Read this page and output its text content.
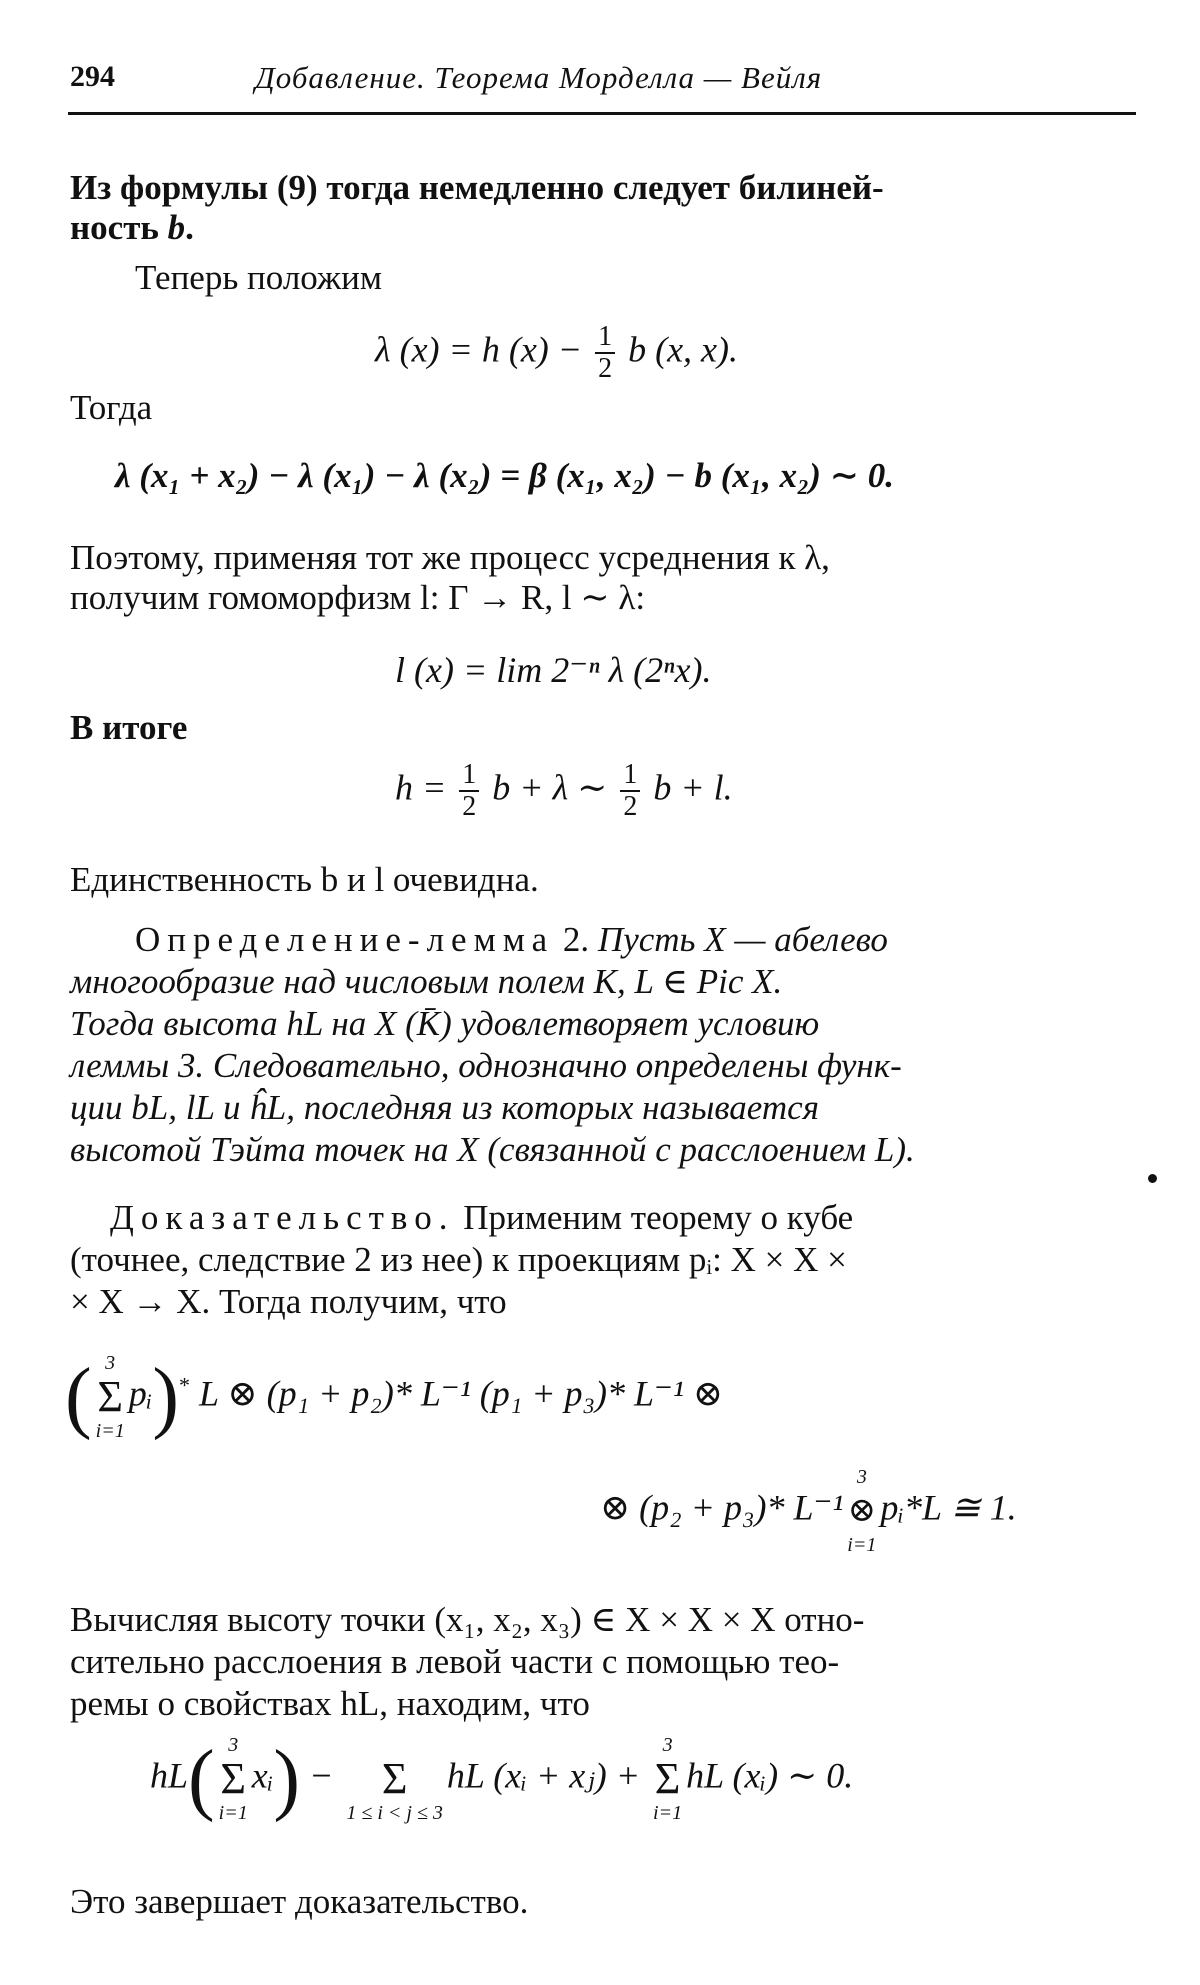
294	Добавление. Теорема Морделла — Вейля
Из формулы (9) тогда немедленно следует билиней-
ность b.
Теперь положим
λ (x) = h $(x) - \frac{1}{2}$ b (x, x).
Тогда
λ (x₁ + x₂) − λ (x₁) − λ (x₂) = β (x₁, x₂) − b (x₁, x₂) ∼ 0.
Поэтому, применяя тот же процесс усреднения к λ,
получим гомоморфизм l: Γ → R, l ∼ λ:
l (x) = lim 2⁻ⁿ λ (2ⁿx).
В итоге
$h = \frac{1}{2}$ b + λ ∼ $\frac{1}{2}$ b + l.
Единственность b и l очевидна.
Определение-лемма 2. Пусть X — абелево
многообразие над числовым полем K, L ∈ Pic X.
Тогда высота hL на X (K̄) удовлетворяет условию
леммы 3. Следовательно, однозначно определены функ-
ции bL, lL и ĥL, последняя из которых называется
высотой Тэйта точек на X (связанной с расслоением L).
Доказательство. Применим теорему о кубе
(точнее, следствие 2 из нее) к проекциям pᵢ: X × X ×
× X → X. Тогда получим, что
( 3
Σ
i=1
pᵢ)* L ⊗ (p₁ + p₂)* L⁻¹ (p₁ + p₃)* L⁻¹ ⊗
⊗ (p₂ + p₃)* L⁻¹
3
⊗
i=1
pᵢ*L ≅ 1.
Вычисляя высоту точки (x₁, x₂, x₃) ∈ X × X × X отно-
сительно расслоения в левой части с помощью тео-
ремы о свойствах hL, находим, что
hL( 3
Σ
i=1
xᵢ) −
Σ
1 ≤ i < j ≤ 3
hL (xᵢ + xⱼ) +
3
Σ
i=1
hL (xᵢ) ∼ 0.
Это завершает доказательство.
